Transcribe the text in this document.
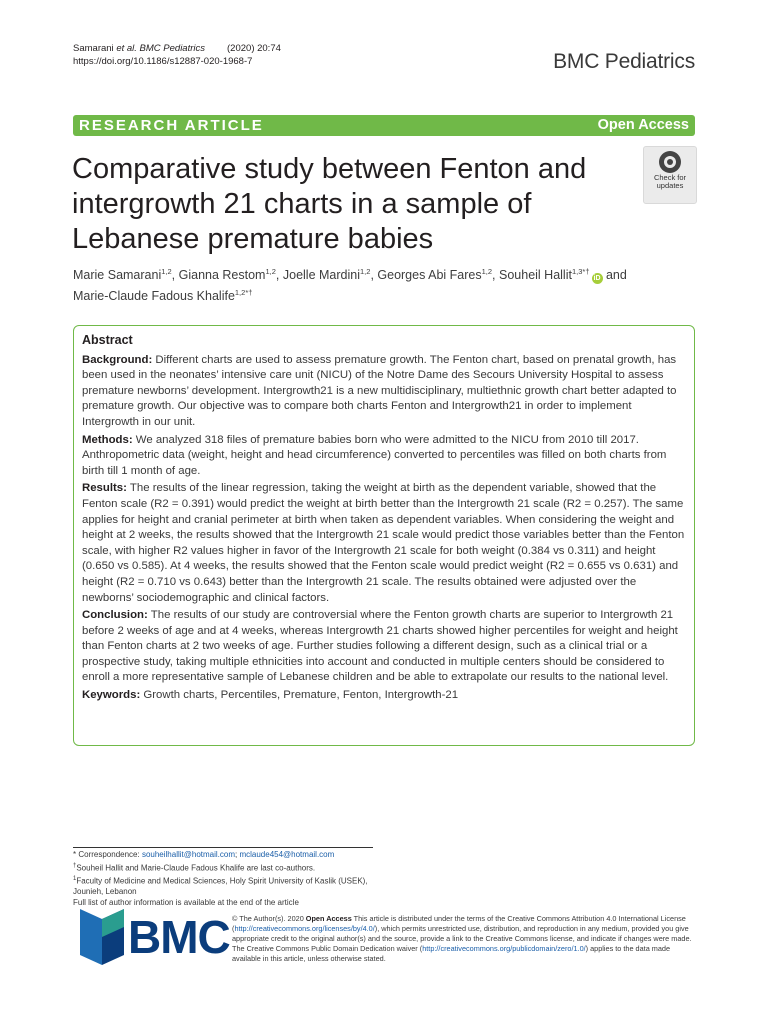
Samarani et al. BMC Pediatrics (2020) 20:74
https://doi.org/10.1186/s12887-020-1968-7	BMC Pediatrics
RESEARCH ARTICLE	Open Access
Comparative study between Fenton and intergrowth 21 charts in a sample of Lebanese premature babies
Check for
updates
Marie Samarani$^{1,2}$, Gianna Restom$^{1,2}$, Joelle Mardini$^{1,2}$, Georges Abi Fares$^{1,2}$, Souheil Hallit$^{1,3*\dagger}$iD and
Marie-Claude Fadous Khalife$^{1,2*\dagger}$
Abstract

Background: Different charts are used to assess premature growth. The Fenton chart, based on prenatal growth, has been used in the neonates’ intensive care unit (NICU) of the Notre Dame des Secours University Hospital to assess premature newborns’ development. Intergrowth21 is a new multidisciplinary, multiethnic growth chart better adapted to premature growth. Our objective was to compare both charts Fenton and Intergrowth21 in order to implement Intergrowth in our unit.

Methods: We analyzed 318 files of premature babies born who were admitted to the NICU from 2010 till 2017. Anthropometric data (weight, height and head circumference) converted to percentiles was filled on both charts from birth till 1 month of age.

Results: The results of the linear regression, taking the weight at birth as the dependent variable, showed that the Fenton scale (R2 = 0.391) would predict the weight at birth better than the Intergrowth 21 scale (R2 = 0.257). The same applies for height and cranial perimeter at birth when taken as dependent variables. When considering the weight and height at 2 weeks, the results showed that the Intergrowth 21 scale would predict those variables better than the Fenton scale, with higher R2 values higher in favor of the Intergrowth 21 scale for both weight (0.384 vs 0.311) and height (0.650 vs 0.585). At 4 weeks, the results showed that the Fenton scale would predict weight (R2 = 0.655 vs 0.631) and height (R2 = 0.710 vs 0.643) better than the Intergrowth 21 scale. The results obtained were adjusted over the newborns’ sociodemographic and clinical factors.

Conclusion: The results of our study are controversial where the Fenton growth charts are superior to Intergrowth 21 before 2 weeks of age and at 4 weeks, whereas Intergrowth 21 charts showed higher percentiles for weight and height than Fenton charts at 2 two weeks of age. Further studies following a different design, such as a clinical trial or a prospective study, taking multiple ethnicities into account and conducted in multiple centers should be considered to enroll a more representative sample of Lebanese children and be able to extrapolate our results to the national level.

Keywords: Growth charts, Percentiles, Premature, Fenton, Intergrowth-21

* Correspondence: souheilhallit@hotmail.com; mclaude454@hotmail.com
†Souheil Hallit and Marie-Claude Fadous Khalife are last co-authors.
$^1$Faculty of Medicine and Medical Sciences, Holy Spirit University of Kaslik (USEK), Jounieh, Lebanon
Full list of author information is available at the end of the article
BMC © The Author(s). 2020 Open Access This article is distributed under the terms of the Creative Commons Attribution 4.0 International License (http://creativecommons.org/licenses/by/4.0/), which permits unrestricted use, distribution, and reproduction in any medium, provided you give appropriate credit to the original author(s) and the source, provide a link to the Creative Commons license, and indicate if changes were made. The Creative Commons Public Domain Dedication waiver (http://creativecommons.org/publicdomain/zero/1.0/) applies to the data made available in this article, unless otherwise stated.
